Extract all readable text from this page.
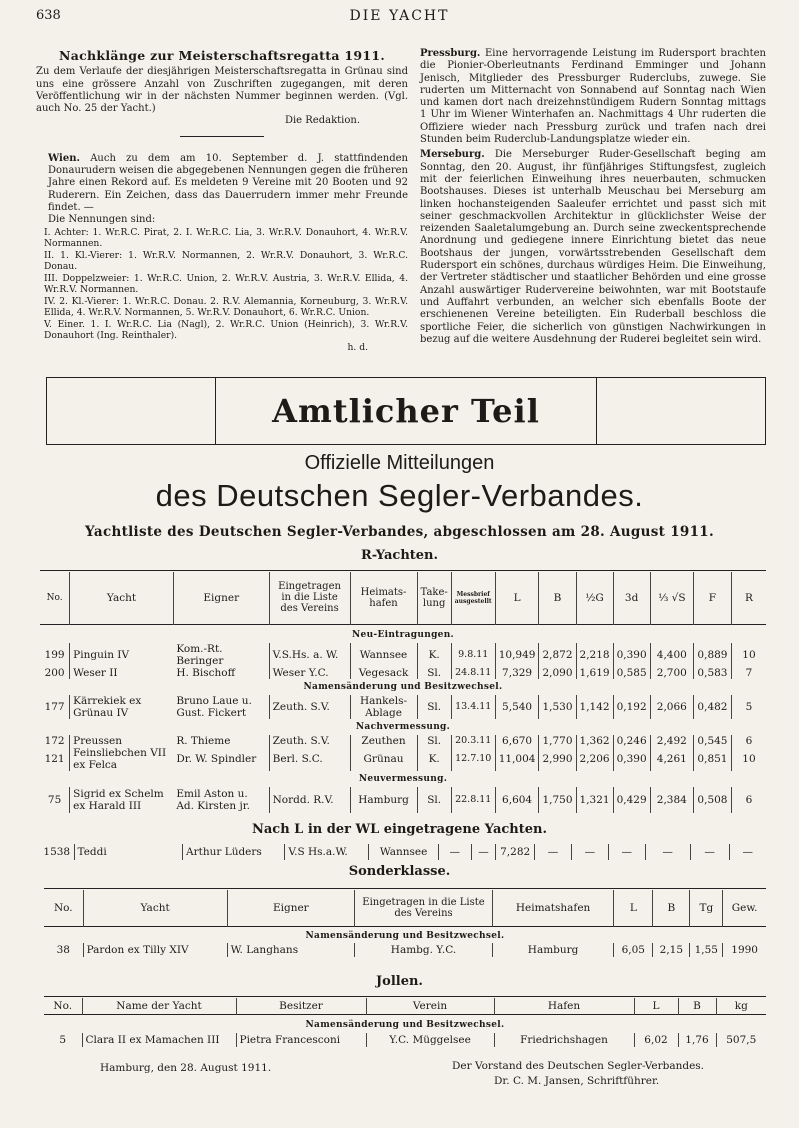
638	DIE YACHT
Nachklänge zur Meisterschaftsregatta 1911.

Zu dem Verlaufe der diesjährigen Meisterschaftsregatta in Grünau sind uns eine grössere Anzahl von Zuschriften zugegangen, mit deren Veröffentlichung wir in der nächsten Nummer beginnen werden. (Vgl. auch No. 25 der Yacht.)

Die Redaktion.

Wien. Auch zu dem am 10. September d. J. stattfindenden Donaurudern weisen die abgegebenen Nennungen gegen die früheren Jahre einen Rekord auf. Es meldeten 9 Vereine mit 20 Booten und 92 Ruderern. Ein Zeichen, dass das Dauerrudern immer mehr Freunde findet. —

Die Nennungen sind:

I. Achter: 1. Wr.R.C. Pirat, 2. I. Wr.R.C. Lia, 3. Wr.R.V. Donauhort, 4. Wr.R.V. Normannen.

II. 1. Kl.-Vierer: 1. Wr.R.V. Normannen, 2. Wr.R.V. Donauhort, 3. Wr.R.C. Donau.

III. Doppelzweier: 1. Wr.R.C. Union, 2. Wr.R.V. Austria, 3. Wr.R.V. Ellida, 4. Wr.R.V. Normannen.

IV. 2. Kl.-Vierer: 1. Wr.R.C. Donau. 2. R.V. Alemannia, Korneuburg, 3. Wr.R.V. Ellida, 4. Wr.R.V. Normannen, 5. Wr.R.V. Donauhort, 6. Wr.R.C. Union.

V. Einer. 1. I. Wr.R.C. Lia (Nagl), 2. Wr.R.C. Union (Heinrich), 3. Wr.R.V. Donauhort (Ing. Reinthaler).

h. d.

Pressburg. Eine hervorragende Leistung im Rudersport brachten die Pionier-Oberleutnants Ferdinand Emminger und Johann Jenisch, Mitglieder des Pressburger Ruderclubs, zuwege. Sie ruderten um Mitternacht von Sonnabend auf Sonntag nach Wien und kamen dort nach dreizehnstündigem Rudern Sonntag mittags 1 Uhr im Wiener Winterhafen an. Nachmittags 4 Uhr ruderten die Offiziere wieder nach Pressburg zurück und trafen nach drei Stunden beim Ruderclub-Landungsplatze wieder ein.

Merseburg. Die Merseburger Ruder-Gesellschaft beging am Sonntag, den 20. August, ihr fünfjähriges Stiftungsfest, zugleich mit der feierlichen Einweihung ihres neuerbauten, schmucken Bootshauses. Dieses ist unterhalb Meuschau bei Merseburg am linken hochansteigenden Saaleufer errichtet und passt sich mit seiner geschmackvollen Architektur in glücklichster Weise der reizenden Saaletalumgebung an. Durch seine zweckentsprechende Anordnung und gediegene innere Einrichtung bietet das neue Bootshaus der jungen, vorwärtsstrebenden Gesellschaft dem Rudersport ein schönes, durchaus würdiges Heim. Die Einweihung, der Vertreter städtischer und staatlicher Behörden und eine grosse Anzahl auswärtiger Rudervereine beiwohnten, war mit Bootstaufe und Auffahrt verbunden, an welcher sich ebenfalls Boote der erschienenen Vereine beteiligten. Ein Ruderball beschloss die sportliche Feier, die sicherlich von günstigen Nachwirkungen in bezug auf die weitere Ausdehnung der Ruderei begleitet sein wird.

Amtlicher Teil
Offizielle Mitteilungen
des Deutschen Segler-Verbandes.
Yachtliste des Deutschen Segler-Verbandes, abgeschlossen am 28. August 1911.
R-Yachten.
No.	Yacht	Eigner	Eingetragen in die Liste des Vereins	Heimats-hafen	Take-lung	Messbrief ausgestellt	L	B	½G	3d	⅓ √S	F	R

Neu-Eintragungen.													
199	Pinguin IV	Kom.-Rt. Beringer	V.S.Hs. a. W.	Wannsee	K.	9.8.11	10,949	2,872	2,218	0,390	4,400	0,889	10
200	Weser II	H. Bischoff	Weser Y.C.	Vegesack	Sl.	24.8.11	7,329	2,090	1,619	0,585	2,700	0,583	7
Namensänderung und Besitzwechsel.													
177	Kärrekiek ex Grünau IV	Bruno Laue u. Gust. Fickert	Zeuth. S.V.	Hankels-Ablage	Sl.	13.4.11	5,540	1,530	1,142	0,192	2,066	0,482	5
Nachvermessung.													
172	Preussen	R. Thieme	Zeuth. S.V.	Zeuthen	Sl.	20.3.11	6,670	1,770	1,362	0,246	2,492	0,545	6
121	Feinsliebchen VII ex Felca	Dr. W. Spindler	Berl. S.C.	Grünau	K.	12.7.10	11,004	2,990	2,206	0,390	4,261	0,851	10
Neuvermessung.													
75	Sigrid ex Schelm ex Harald III	Emil Aston u. Ad. Kirsten jr.	Nordd. R.V.	Hamburg	Sl.	22.8.11	6,604	1,750	1,321	0,429	2,384	0,508	6
Nach L in der WL eingetragene Yachten.
1538	Teddi	Arthur Lüders	V.S Hs.a.W.	Wannsee	—	—	7,282	—	—	—	—	—	—
Sonderklasse.
No.	Yacht	Eigner	Eingetragen in die Liste des Vereins	Heimatshafen	L	B	Tg	Gew.

Namensänderung und Besitzwechsel.								
38	Pardon ex Tilly XIV	W. Langhans	Hambg. Y.C.	Hamburg	6,05	2,15	1,55	1990
Jollen.
No.	Name der Yacht	Besitzer	Verein	Hafen	L	B	kg

Namensänderung und Besitzwechsel.							
5	Clara II ex Mamachen III	Pietra Francesconi	Y.C. Müggelsee	Friedrichshagen	6,02	1,76	507,5
Hamburg, den 28. August 1911.	Der Vorstand des Deutschen Segler-Verbandes.
Dr. C. M. Jansen, Schriftführer.
